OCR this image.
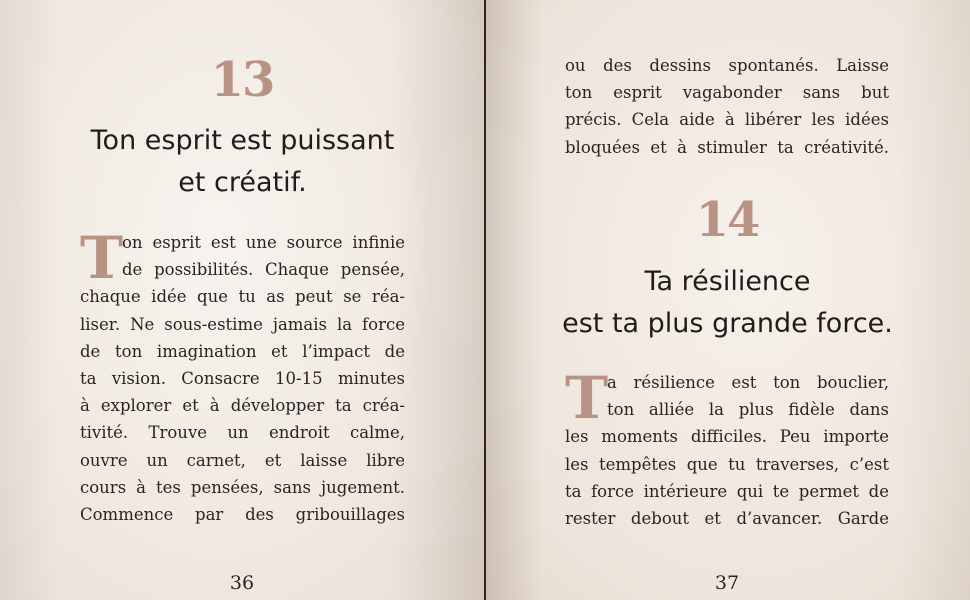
13
Ton esprit est puissant
et créatif.
T
on esprit est une source infinie
de possibilités. Chaque pensée,
chaque idée que tu as peut se réa-
liser. Ne sous-estime jamais la force
de ton imagination et l’impact de
ta vision. Consacre 10-15 minutes
à explorer et à développer ta créa-
tivité. Trouve un endroit calme,
ouvre un carnet, et laisse libre
cours à tes pensées, sans jugement.
Commence par des gribouillages
36
ou des dessins spontanés. Laisse
ton esprit vagabonder sans but
précis. Cela aide à libérer les idées
bloquées et à stimuler ta créativité.
14
Ta résilience
est ta plus grande force.
T
a résilience est ton bouclier,
ton alliée la plus fidèle dans
les moments difficiles. Peu importe
les tempêtes que tu traverses, c’est
ta force intérieure qui te permet de
rester debout et d’avancer. Garde
37
